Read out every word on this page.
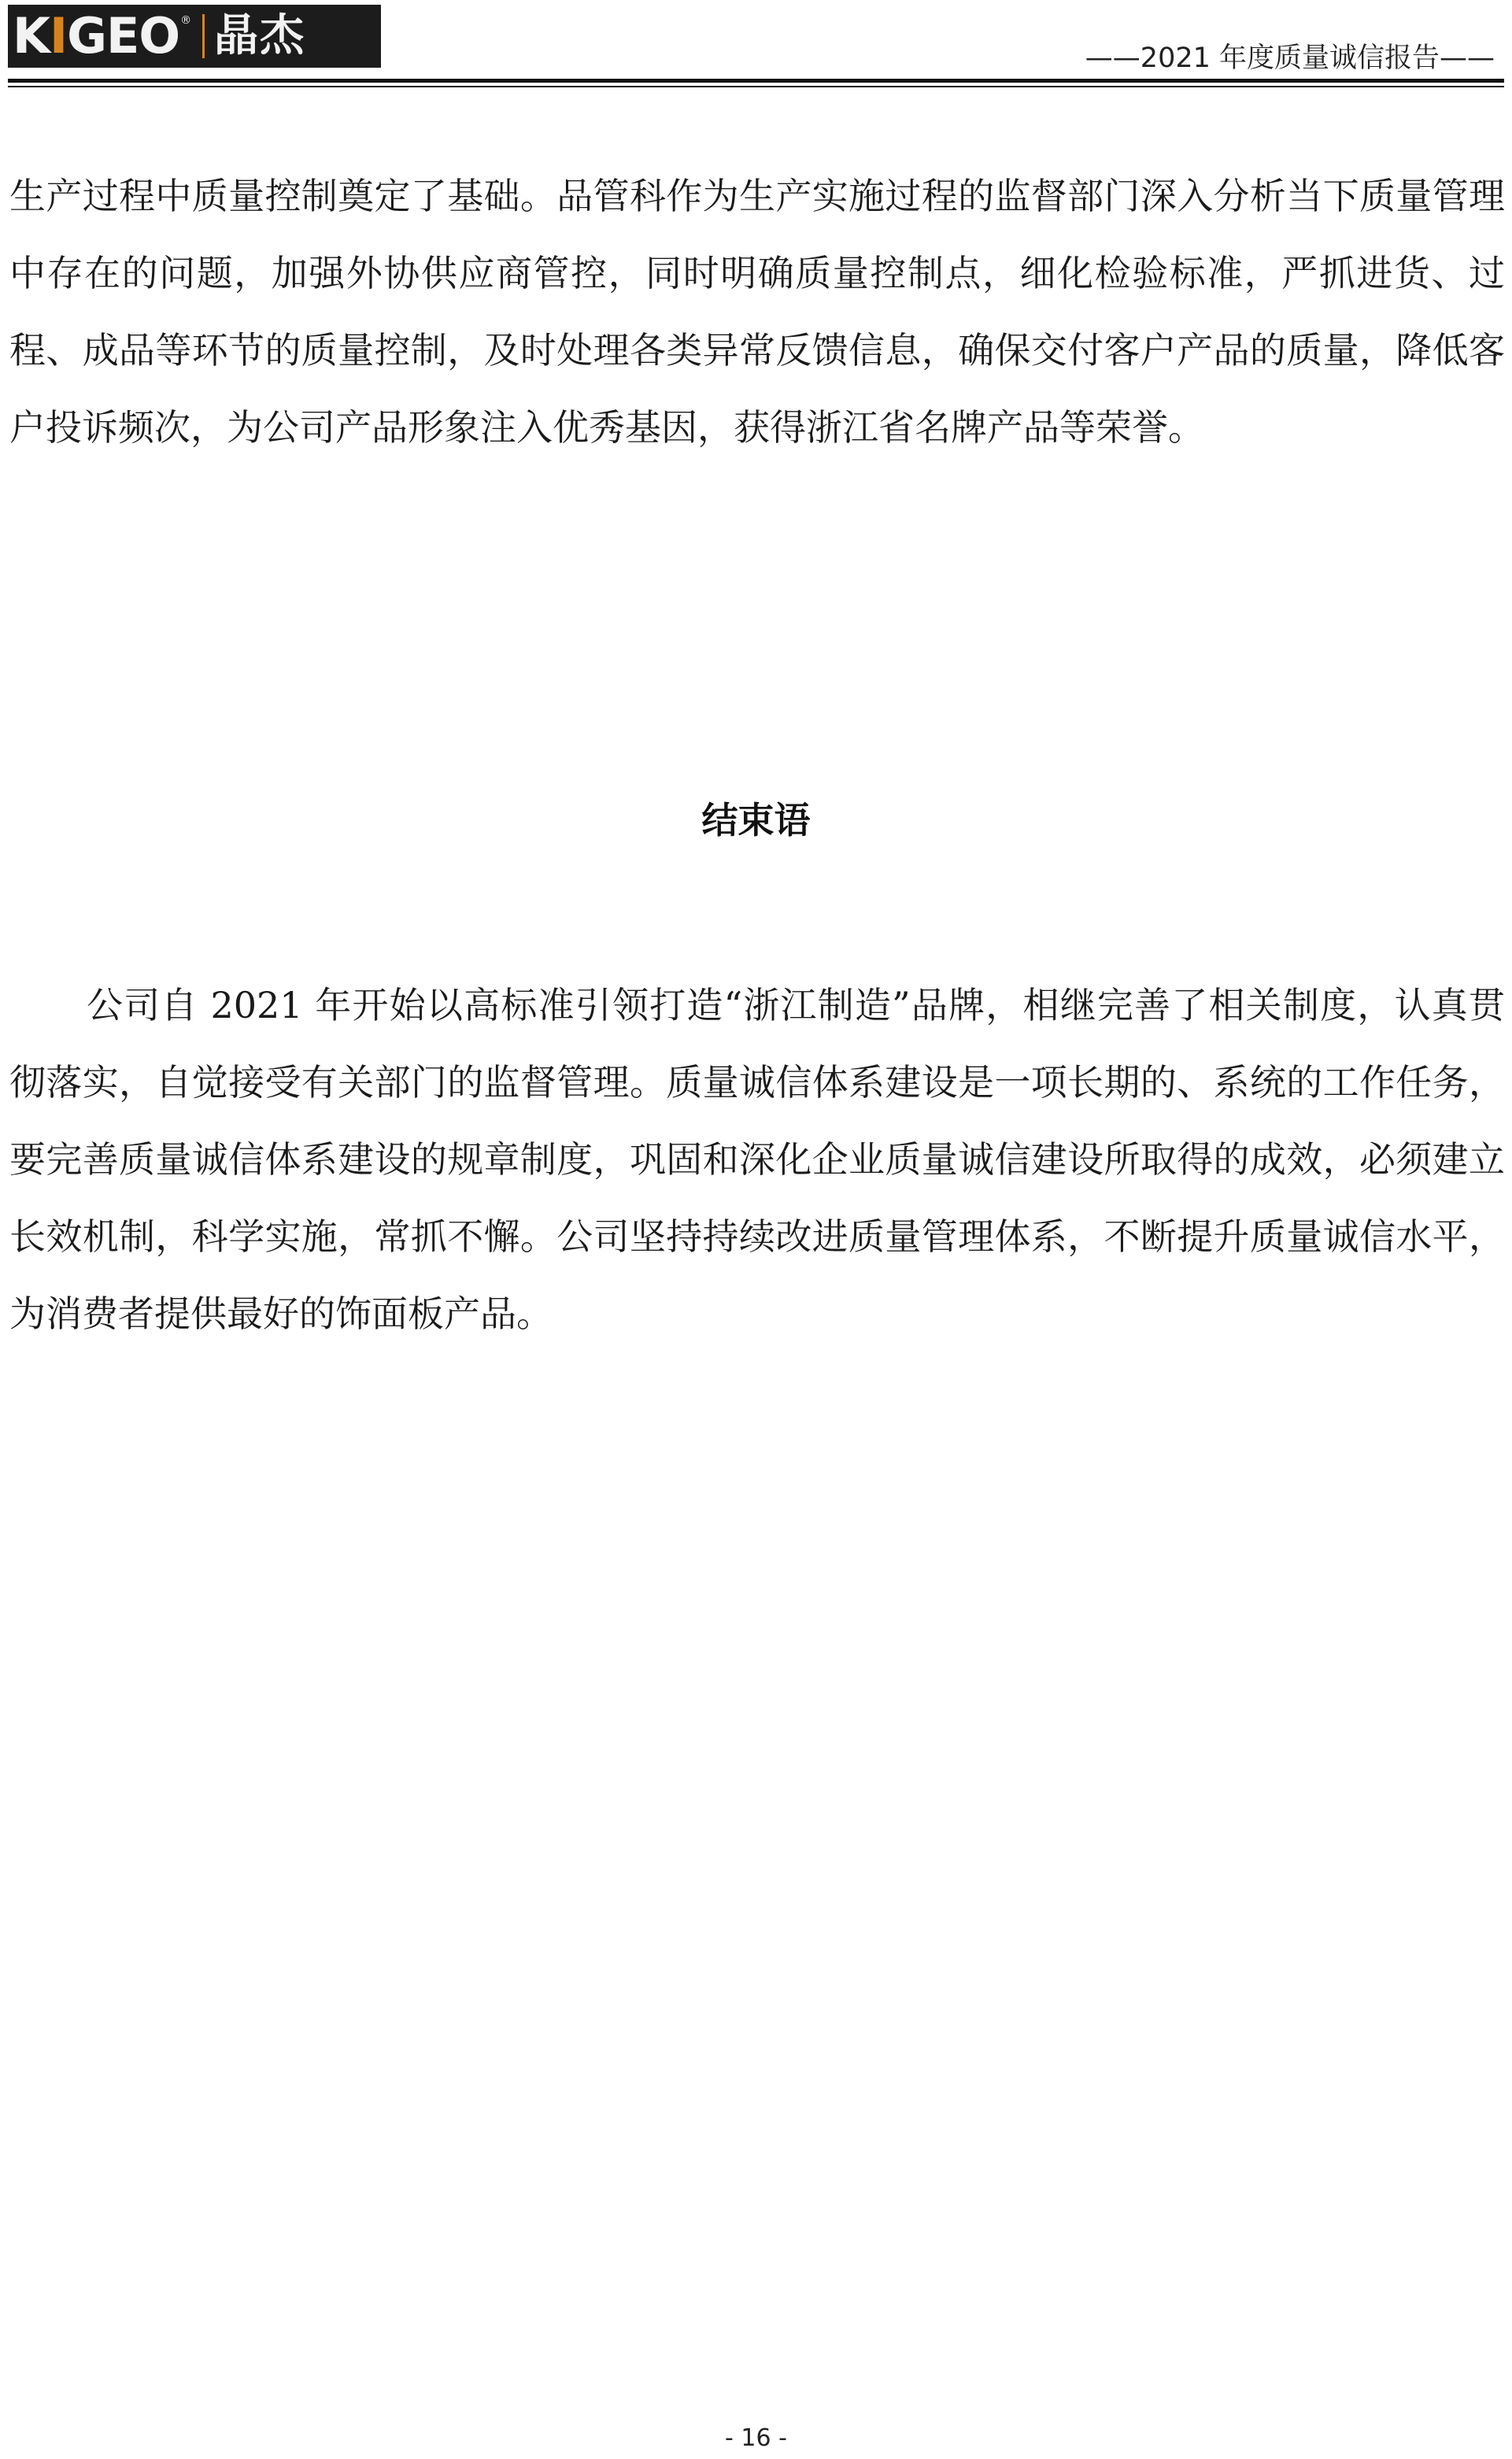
KIGEO ® 晶杰	——2021 年度质量诚信报告——

生产过程中质量控制奠定了基础。品管科作为生产实施过程的监督部门深入分析当下质量管理中存在的问题，加强外协供应商管控，同时明确质量控制点，细化检验标准，严抓进货、过程、成品等环节的质量控制，及时处理各类异常反馈信息，确保交付客户产品的质量，降低客户投诉频次，为公司产品形象注入优秀基因，获得浙江省名牌产品等荣誉。

结束语

公司自 2021 年开始以高标准引领打造“浙江制造”品牌，相继完善了相关制度，认真贯彻落实，自觉接受有关部门的监督管理。质量诚信体系建设是一项长期的、系统的工作任务，要完善质量诚信体系建设的规章制度，巩固和深化企业质量诚信建设所取得的成效，必须建立长效机制，科学实施，常抓不懈。公司坚持持续改进质量管理体系，不断提升质量诚信水平，为消费者提供最好的饰面板产品。

- 16 -
